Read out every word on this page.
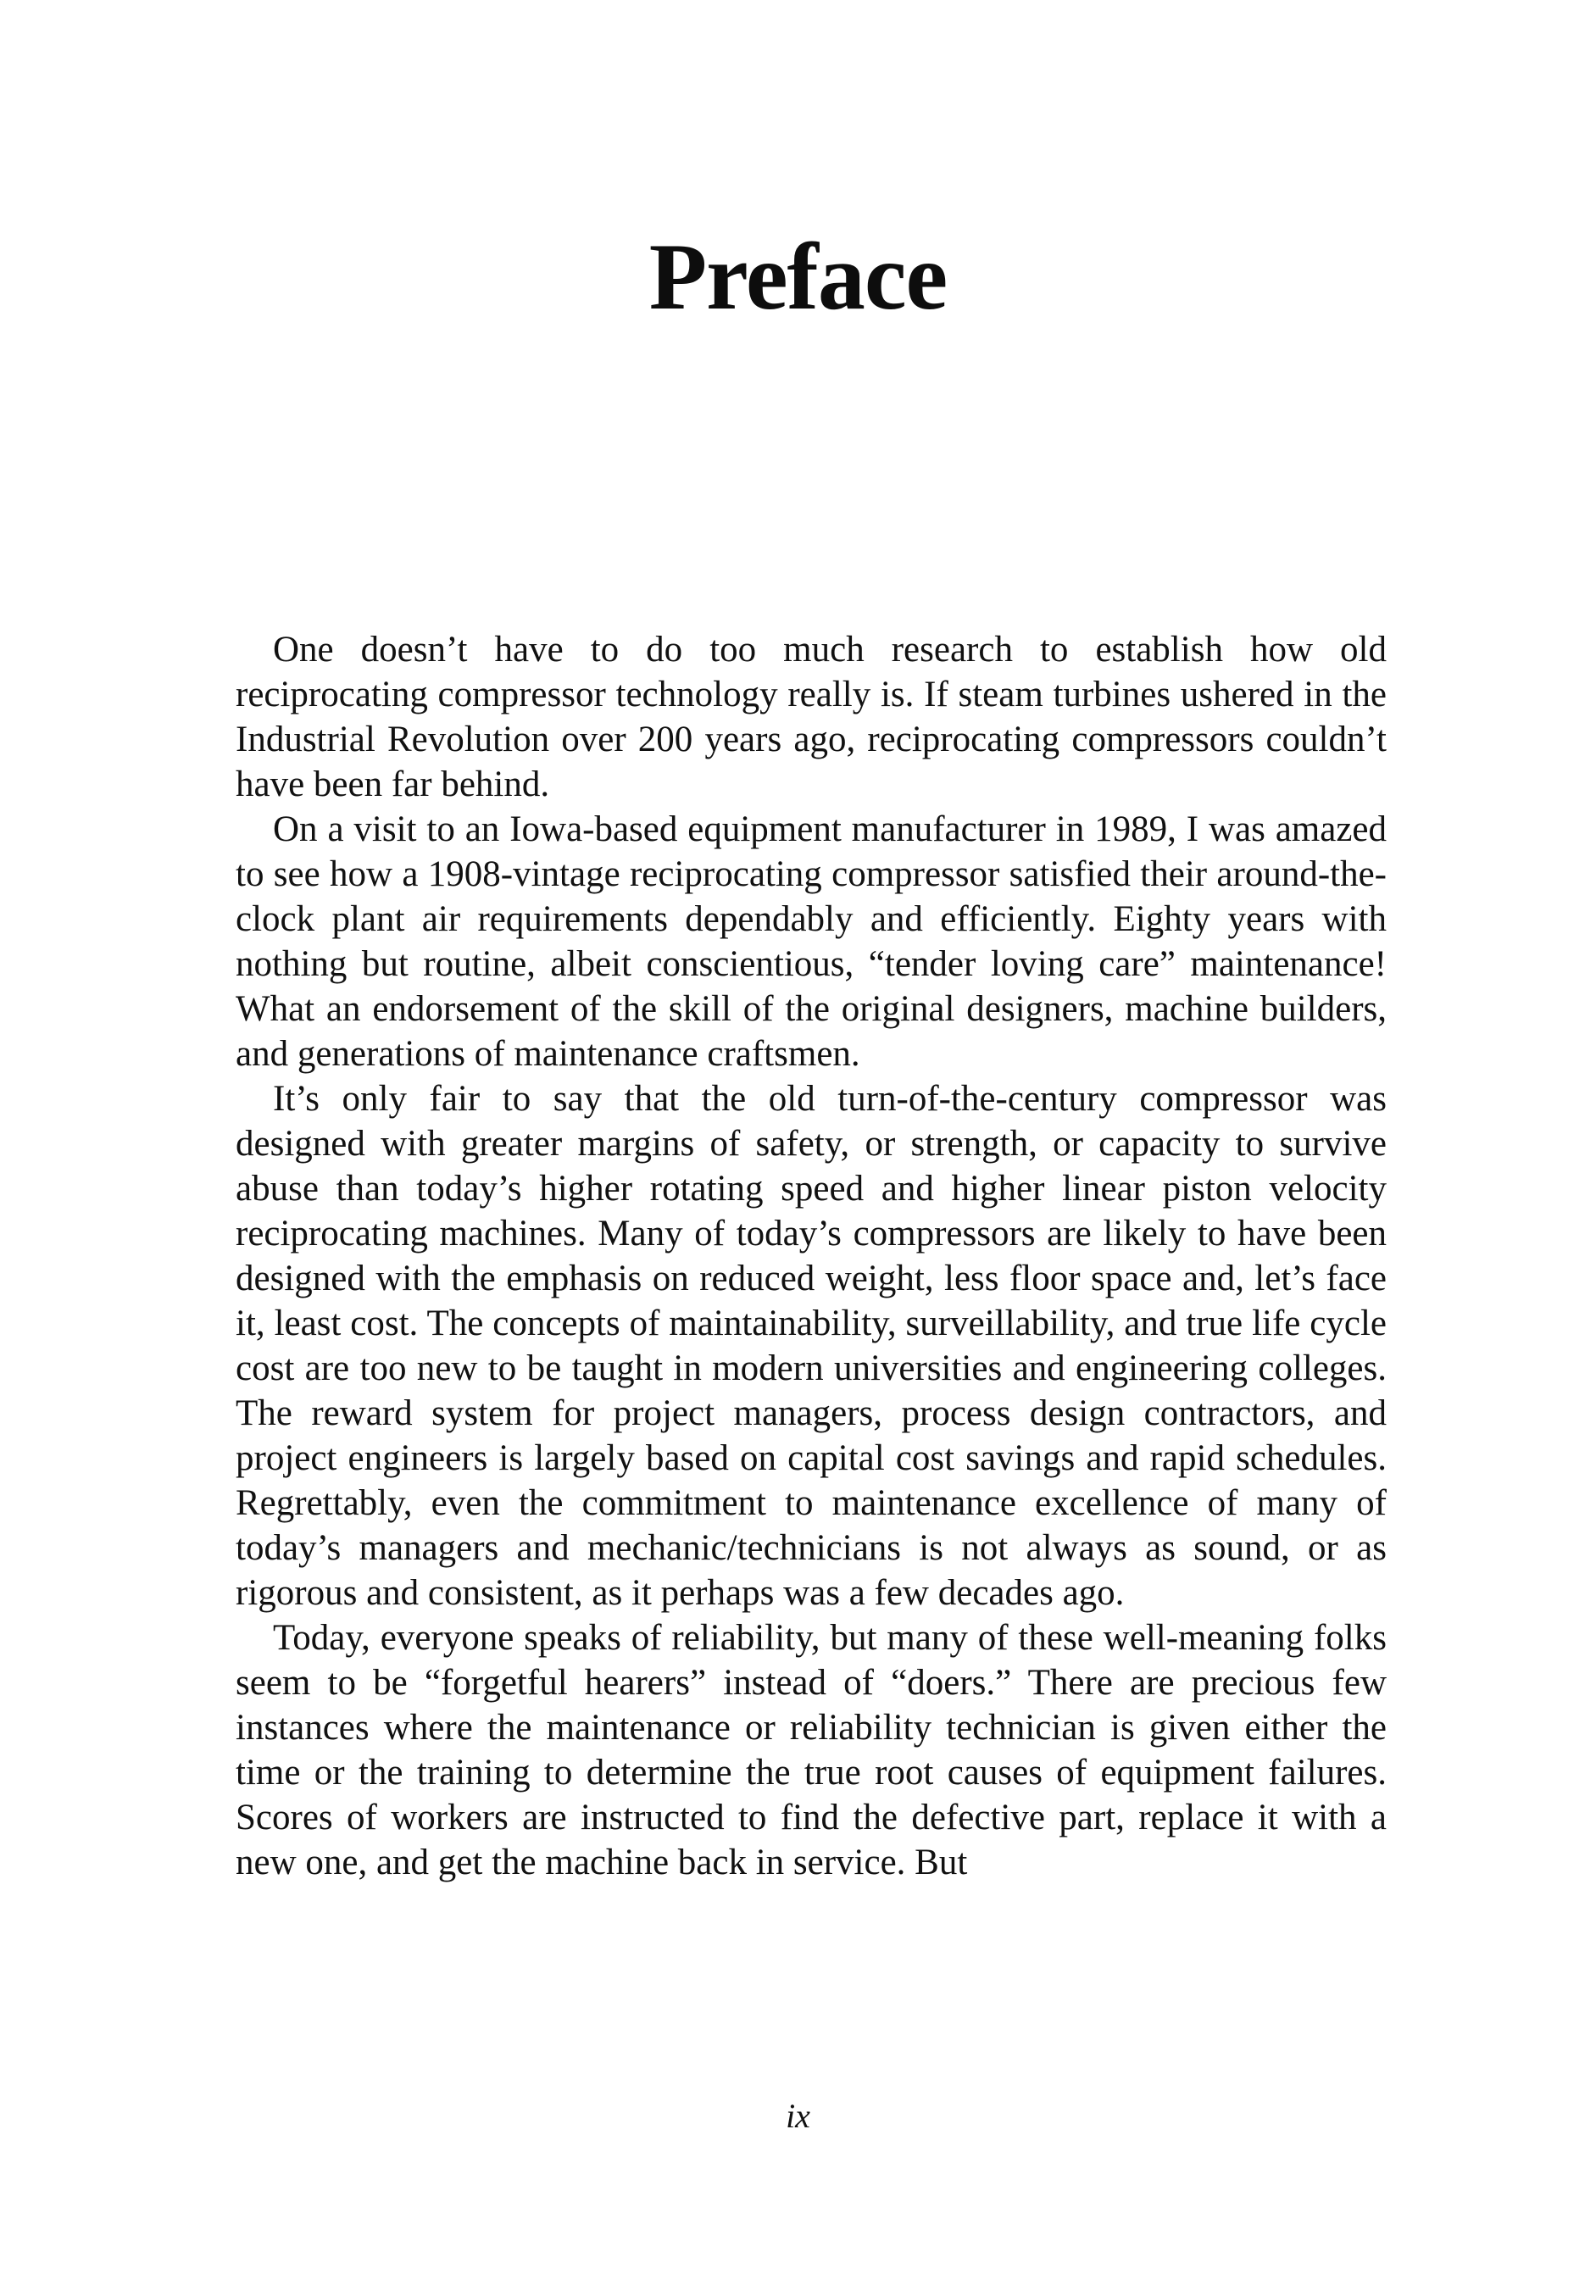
Preface

One doesn’t have to do too much research to establish how old reciprocating compressor technology really is. If steam turbines ushered in the Industrial Revolution over 200 years ago, reciprocating compressors couldn’t have been far behind.

On a visit to an Iowa-based equipment manufacturer in 1989, I was amazed to see how a 1908-vintage reciprocating compressor satisfied their around-the-clock plant air requirements dependably and efficiently. Eighty years with nothing but routine, albeit conscientious, “tender loving care” maintenance! What an endorsement of the skill of the original designers, machine builders, and generations of maintenance craftsmen.

It’s only fair to say that the old turn-of-the-century compressor was designed with greater margins of safety, or strength, or capacity to survive abuse than today’s higher rotating speed and higher linear piston velocity reciprocating machines. Many of today’s compressors are likely to have been designed with the emphasis on reduced weight, less floor space and, let’s face it, least cost. The concepts of maintainability, surveillability, and true life cycle cost are too new to be taught in modern universities and engineering colleges. The reward system for project managers, process design contractors, and project engineers is largely based on capital cost savings and rapid schedules. Regrettably, even the commitment to maintenance excellence of many of today’s managers and mechanic/technicians is not always as sound, or as rigorous and consistent, as it perhaps was a few decades ago.

Today, everyone speaks of reliability, but many of these well-meaning folks seem to be “forgetful hearers” instead of “doers.” There are precious few instances where the maintenance or reliability technician is given either the time or the training to determine the true root causes of equipment failures. Scores of workers are instructed to find the defective part, replace it with a new one, and get the machine back in service. But

ix
